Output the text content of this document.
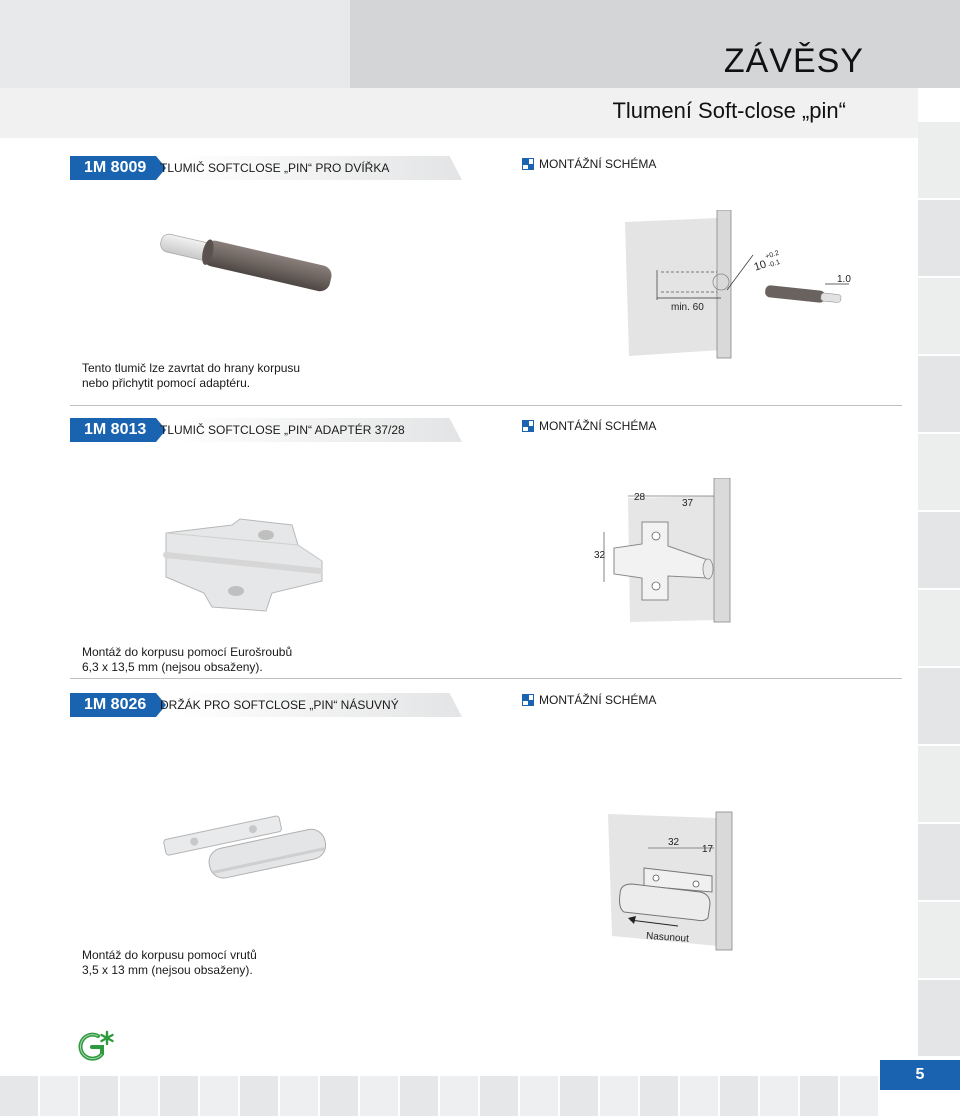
ZÁVĚSY
Tlumení Soft-close „pin“
1M 8009	TLUMIČ SOFTCLOSE „PIN“ PRO DVÍŘKA	MONTÁŽNÍ SCHÉMA
min. 60
10
+0.2
-0.1
1.0
Tento tlumič lze zavrtat do hrany korpusu
nebo přichytit pomocí adaptéru.
1M 8013	TLUMIČ SOFTCLOSE „PIN“ ADAPTÉR 37/28	MONTÁŽNÍ SCHÉMA
28
37
32
Montáž do korpusu pomocí Eurošroubů
6,3 x 13,5 mm (nejsou obsaženy).
1M 8026	DRŽÁK PRO SOFTCLOSE „PIN“ NÁSUVNÝ	MONTÁŽNÍ SCHÉMA
32
17
Nasunout
Montáž do korpusu pomocí vrutů
3,5 x 13 mm (nejsou obsaženy).
5
